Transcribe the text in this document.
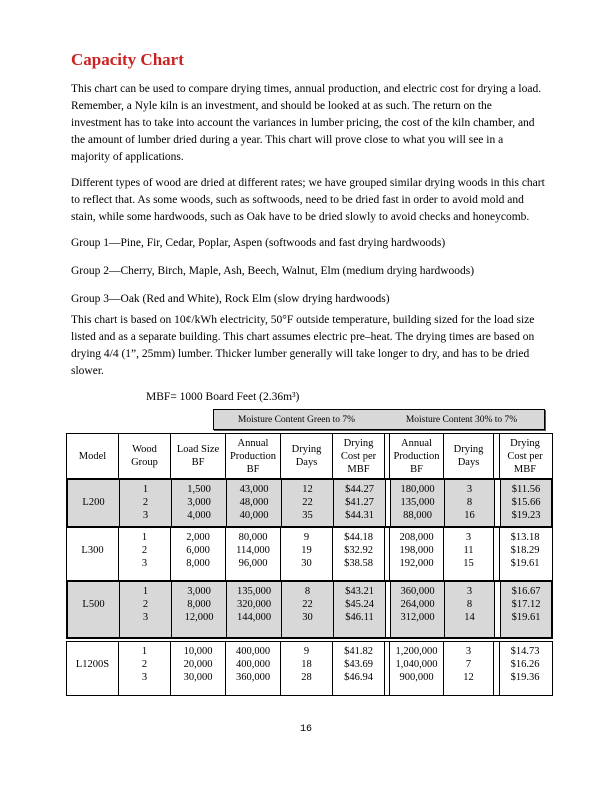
Capacity Chart

This chart can be used to compare drying times, annual production, and electric cost for drying a load. Remember, a Nyle kiln is an investment, and should be looked at as such. The return on the investment has to take into account the variances in lumber pricing, the cost of the kiln chamber, and the amount of lumber dried during a year. This chart will prove close to what you will see in a majority of applications.

Different types of wood are dried at different rates; we have grouped similar drying woods in this chart to reflect that. As some woods, such as softwoods, need to be dried fast in order to avoid mold and stain, while some hardwoods, such as Oak have to be dried slowly to avoid checks and honeycomb.

Group 1—Pine, Fir, Cedar, Poplar, Aspen (softwoods and fast drying hardwoods)

Group 2—Cherry, Birch, Maple, Ash, Beech, Walnut, Elm (medium drying hardwoods)

Group 3—Oak (Red and White), Rock Elm (slow drying hardwoods)

This chart is based on 10¢/kWh electricity, 50°F outside temperature, building sized for the load size listed and as a separate building. This chart assumes electric pre–heat. The drying times are based on drying 4/4 (1”, 25mm) lumber. Thicker lumber generally will take longer to dry, and has to be dried slower.

MBF= 1000 Board Feet (2.36m³)

Moisture Content Green to 7%	Moisture Content 30% to 7%
Model
Wood
Group
Load Size
BF
Annual
Production
BF
Drying
Days
Drying
Cost per
MBF
Annual
Production
BF
Drying
Days
Drying
Cost per
MBF

L200
1
2
3
1,500
3,000
4,000
43,000
48,000
40,000
12
22
35
$44.27
$41.27
$44.31
180,000
135,000
88,000
3
8
16
$11.56
$15.66
$19.23

L300
1
2
3
2,000
6,000
8,000
80,000
114,000
96,000
9
19
30
$44.18
$32.92
$38.58
208,000
198,000
192,000
3
11
15
$13.18
$18.29
$19.61

L500
1
2
3
3,000
8,000
12,000
135,000
320,000
144,000
8
22
30
$43.21
$45.24
$46.11
360,000
264,000
312,000
3
8
14
$16.67
$17.12
$19.61

L1200S
1
2
3
10,000
20,000
30,000
400,000
400,000
360,000
9
18
28
$41.82
$43.69
$46.94
1,200,000
1,040,000
900,000
3
7
12
$14.73
$16.26
$19.36
16
